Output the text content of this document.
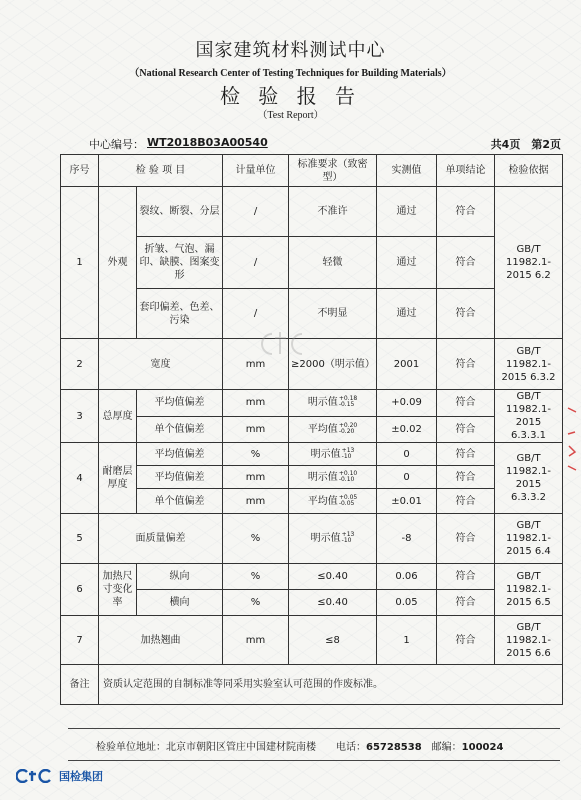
国家建筑材料测试中心
（National Research Center of Testing Techniques for Building Materials）
检 验 报 告
（Test Report）
中心编号： WT2018B03A00540	共4页　第2页
序号	检 验 项 目		计量单位	标准要求（致密型）	实测值	单项结论	检验依据
1	外观	裂纹、断裂、分层	/	不准许	通过	符合	GB/T 11982.1-2015 6.2
		折皱、气泡、漏印、缺膜、图案变形	/	轻微	通过	符合	
		套印偏差、色差、污染	/	不明显	通过	符合	
2	宽度		mm	≥2000（明示值）	2001	符合	GB/T 11982.1-2015 6.3.2
3	总厚度	平均值偏差	mm	明示值+0.18
-0.15	+0.09	符合	GB/T 11982.1-2015 6.3.3.1
		单个值偏差	mm	平均值+0.20
-0.20	±0.02	符合	
4	耐磨层厚度	平均值偏差	%	明示值+13
-10	0	符合	GB/T 11982.1-2015 6.3.3.2
		平均值偏差	mm	明示值+0.10
-0.10	0	符合	
		单个值偏差	mm	平均值+0.05
-0.05	±0.01	符合	
5	面质量偏差		%	明示值+13
-10	-8	符合	GB/T 11982.1-2015 6.4
6	加热尺寸变化率	纵向	%	≤0.40	0.06	符合	GB/T 11982.1-2015 6.5
		横向	%	≤0.40	0.05	符合	
7	加热翘曲		mm	≤8	1	符合	GB/T 11982.1-2015 6.6
备注	资质认定范围的自制标准等同采用实验室认可范围的作废标准。						
检验单位地址：北京市朝阳区管庄中国建材院南楼　　 电话：65728538　 邮编：100024
国检集团
